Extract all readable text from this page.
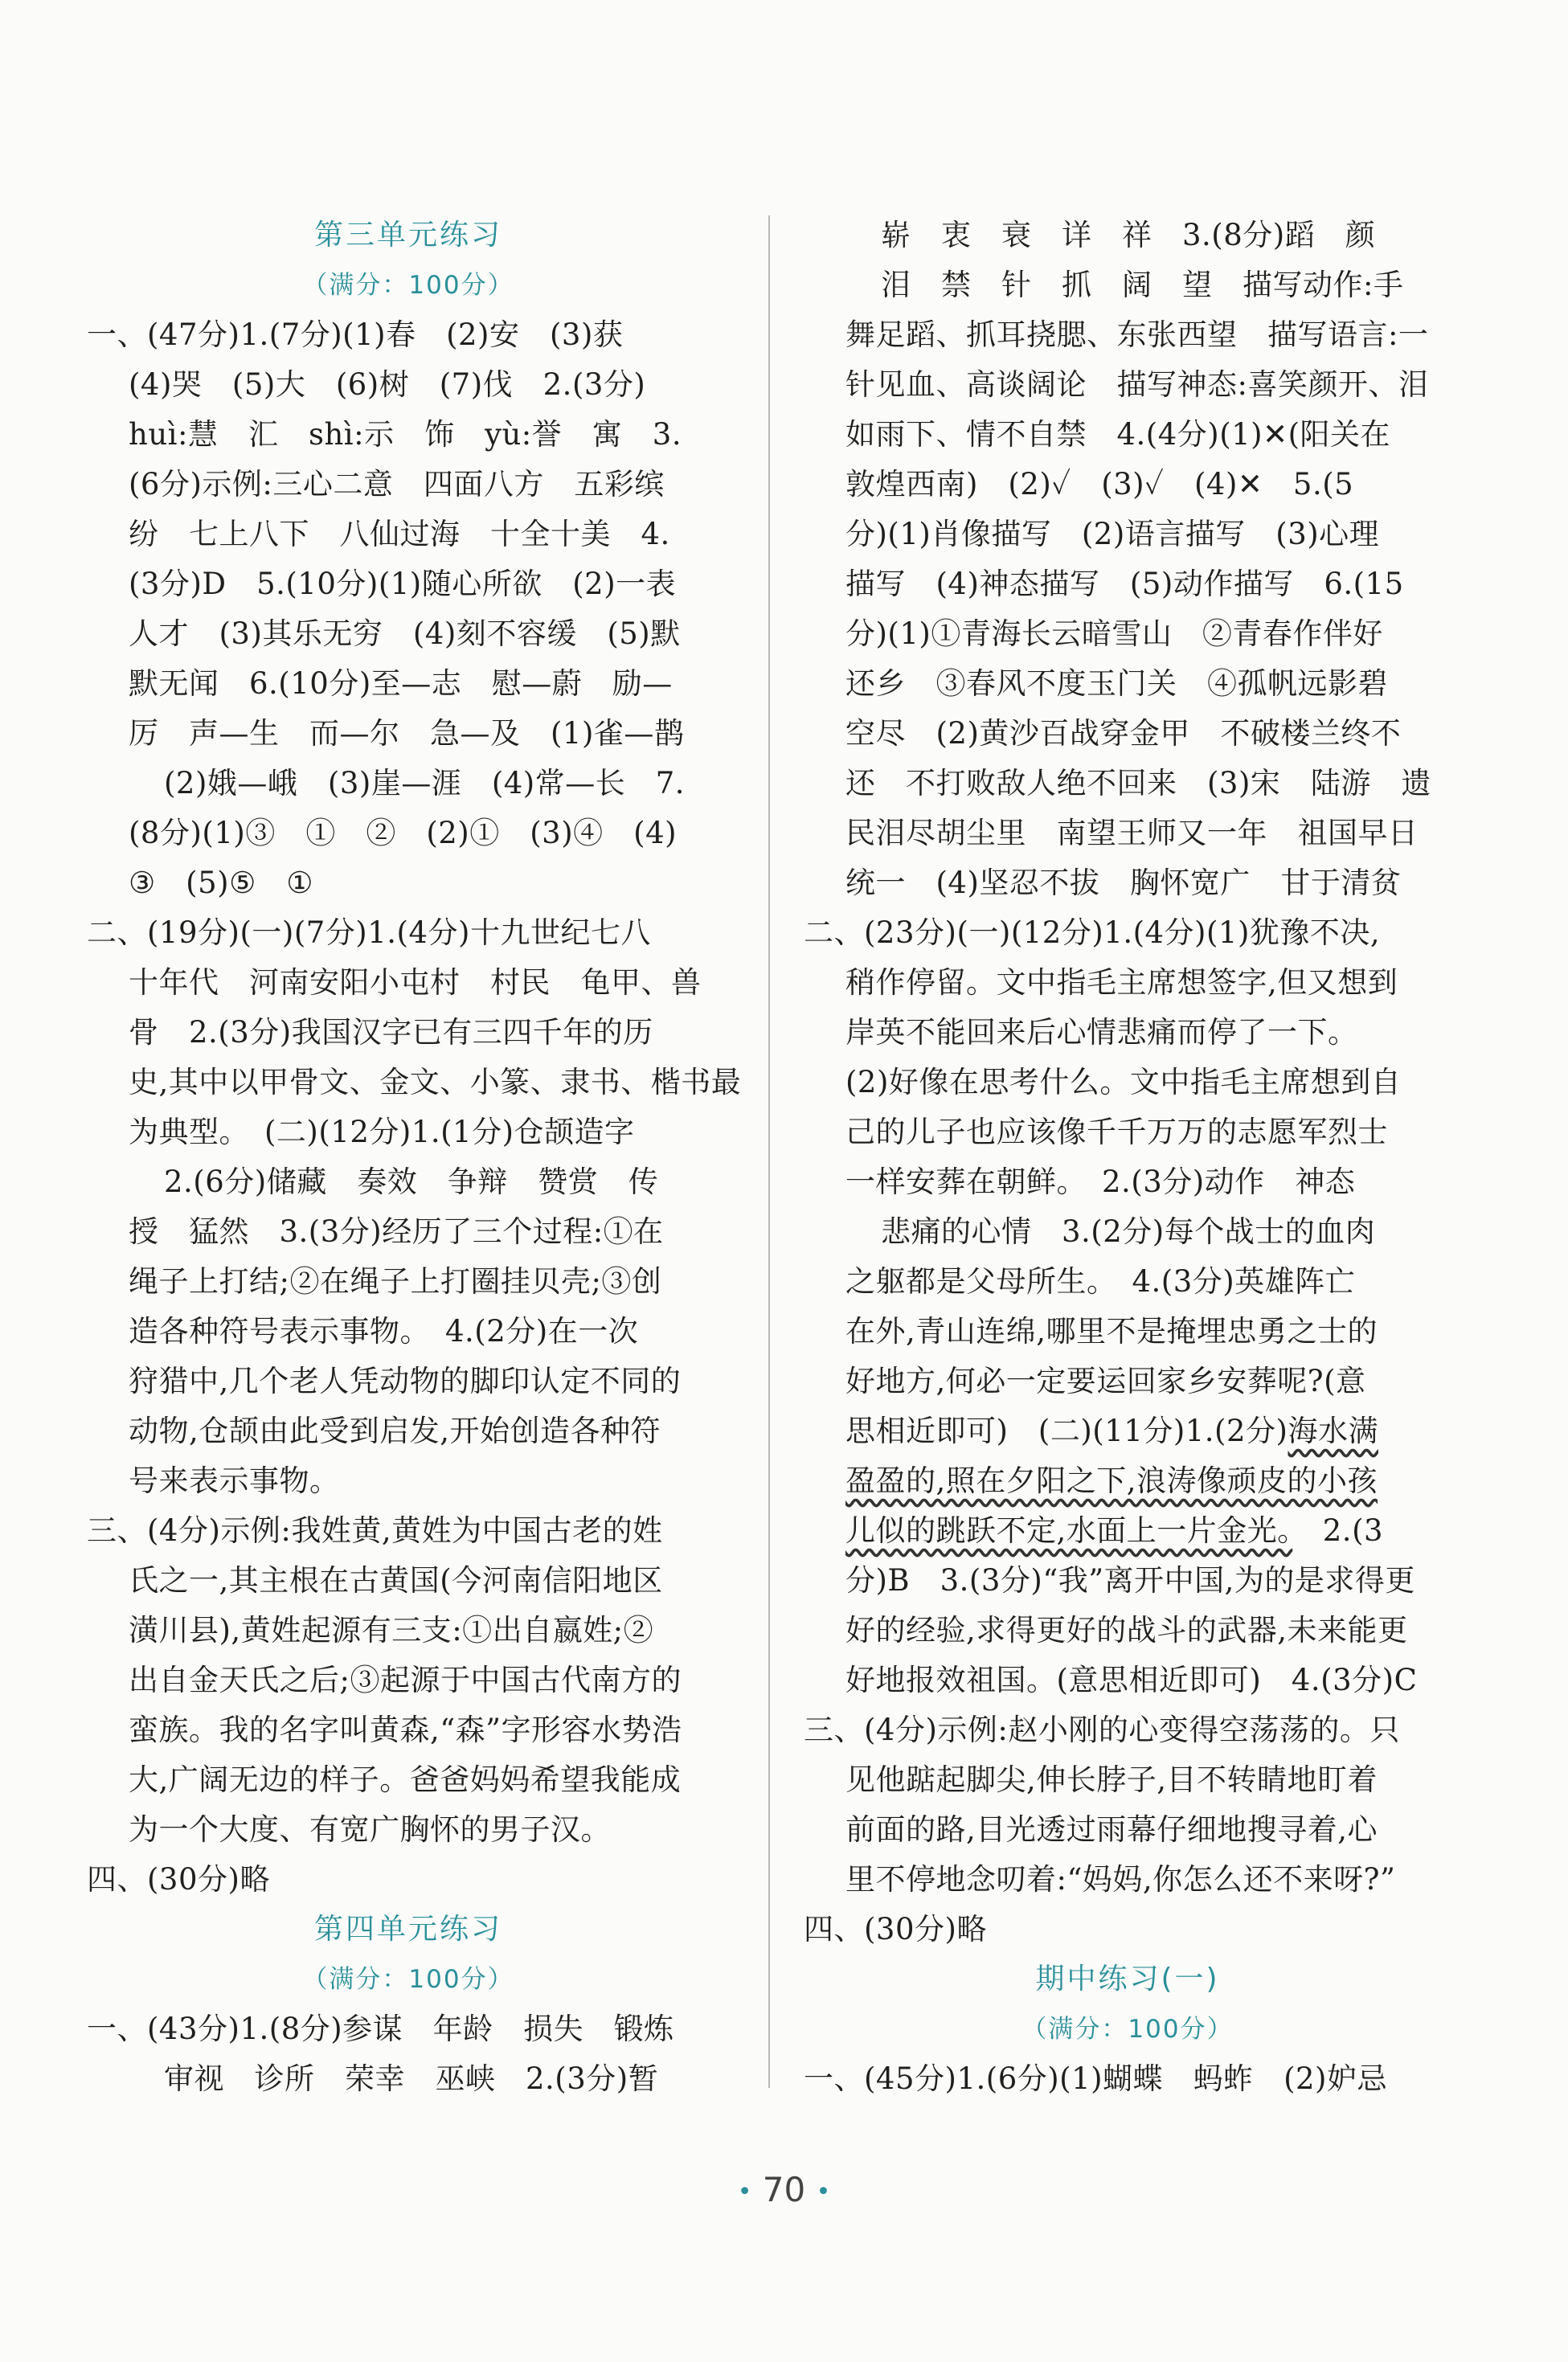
第三单元练习
（满分：100分）
一、(47分)1.(7分)(1)春　(2)安　(3)获
(4)哭　(5)大　(6)树　(7)伐　2.(3分)
huì:慧　汇　shì:示　饰　yù:誉　寓　3.
(6分)示例:三心二意　四面八方　五彩缤
纷　七上八下　八仙过海　十全十美　4.
(3分)D　5.(10分)(1)随心所欲　(2)一表
人才　(3)其乐无穷　(4)刻不容缓　(5)默
默无闻　6.(10分)至—志　慰—蔚　励—
厉　声—生　而—尔　急—及　(1)雀—鹊
(2)娥—峨　(3)崖—涯　(4)常—长　7.
(8分)(1)③　①　②　(2)①　(3)④　(4)
③　(5)⑤　①
二、(19分)(一)(7分)1.(4分)十九世纪七八
十年代　河南安阳小屯村　村民　龟甲、兽
骨　2.(3分)我国汉字已有三四千年的历
史,其中以甲骨文、金文、小篆、隶书、楷书最
为典型。　(二)(12分)1.(1分)仓颉造字
2.(6分)储藏　奏效　争辩　赞赏　传
授　猛然　3.(3分)经历了三个过程:①在
绳子上打结;②在绳子上打圈挂贝壳;③创
造各种符号表示事物。　4.(2分)在一次
狩猎中,几个老人凭动物的脚印认定不同的
动物,仓颉由此受到启发,开始创造各种符
号来表示事物。
三、(4分)示例:我姓黄,黄姓为中国古老的姓
氏之一,其主根在古黄国(今河南信阳地区
潢川县),黄姓起源有三支:①出自嬴姓;②
出自金天氏之后;③起源于中国古代南方的
蛮族。我的名字叫黄森,“森”字形容水势浩
大,广阔无边的样子。爸爸妈妈希望我能成
为一个大度、有宽广胸怀的男子汉。
四、(30分)略
第四单元练习
（满分：100分）
一、(43分)1.(8分)参谋　年龄　损失　锻炼
审视　诊所　荣幸　巫峡　2.(3分)暂
崭　衷　衰　详　祥　3.(8分)蹈　颜
泪　禁　针　抓　阔　望　描写动作:手
舞足蹈、抓耳挠腮、东张西望　描写语言:一
针见血、高谈阔论　描写神态:喜笑颜开、泪
如雨下、情不自禁　4.(4分)(1)✕(阳关在
敦煌西南)　(2)✓　(3)✓　(4)✕　5.(5
分)(1)肖像描写　(2)语言描写　(3)心理
描写　(4)神态描写　(5)动作描写　6.(15
分)(1)①青海长云暗雪山　②青春作伴好
还乡　③春风不度玉门关　④孤帆远影碧
空尽　(2)黄沙百战穿金甲　不破楼兰终不
还　不打败敌人绝不回来　(3)宋　陆游　遗
民泪尽胡尘里　南望王师又一年　祖国早日
统一　(4)坚忍不拔　胸怀宽广　甘于清贫
二、(23分)(一)(12分)1.(4分)(1)犹豫不决,
稍作停留。文中指毛主席想签字,但又想到
岸英不能回来后心情悲痛而停了一下。
(2)好像在思考什么。文中指毛主席想到自
己的儿子也应该像千千万万的志愿军烈士
一样安葬在朝鲜。　2.(3分)动作　神态
悲痛的心情　3.(2分)每个战士的血肉
之躯都是父母所生。　4.(3分)英雄阵亡
在外,青山连绵,哪里不是掩埋忠勇之士的
好地方,何必一定要运回家乡安葬呢?(意
思相近即可)　(二)(11分)1.(2分)海水满
盈盈的,照在夕阳之下,浪涛像顽皮的小孩
儿似的跳跃不定,水面上一片金光。　2.(3
分)B　3.(3分)“我”离开中国,为的是求得更
好的经验,求得更好的战斗的武器,未来能更
好地报效祖国。(意思相近即可)　4.(3分)C
三、(4分)示例:赵小刚的心变得空荡荡的。只
见他踮起脚尖,伸长脖子,目不转睛地盯着
前面的路,目光透过雨幕仔细地搜寻着,心
里不停地念叨着:“妈妈,你怎么还不来呀?”
四、(30分)略
期中练习(一)
（满分：100分）
一、(45分)1.(6分)(1)蝴蝶　蚂蚱　(2)妒忌
• 70 •
